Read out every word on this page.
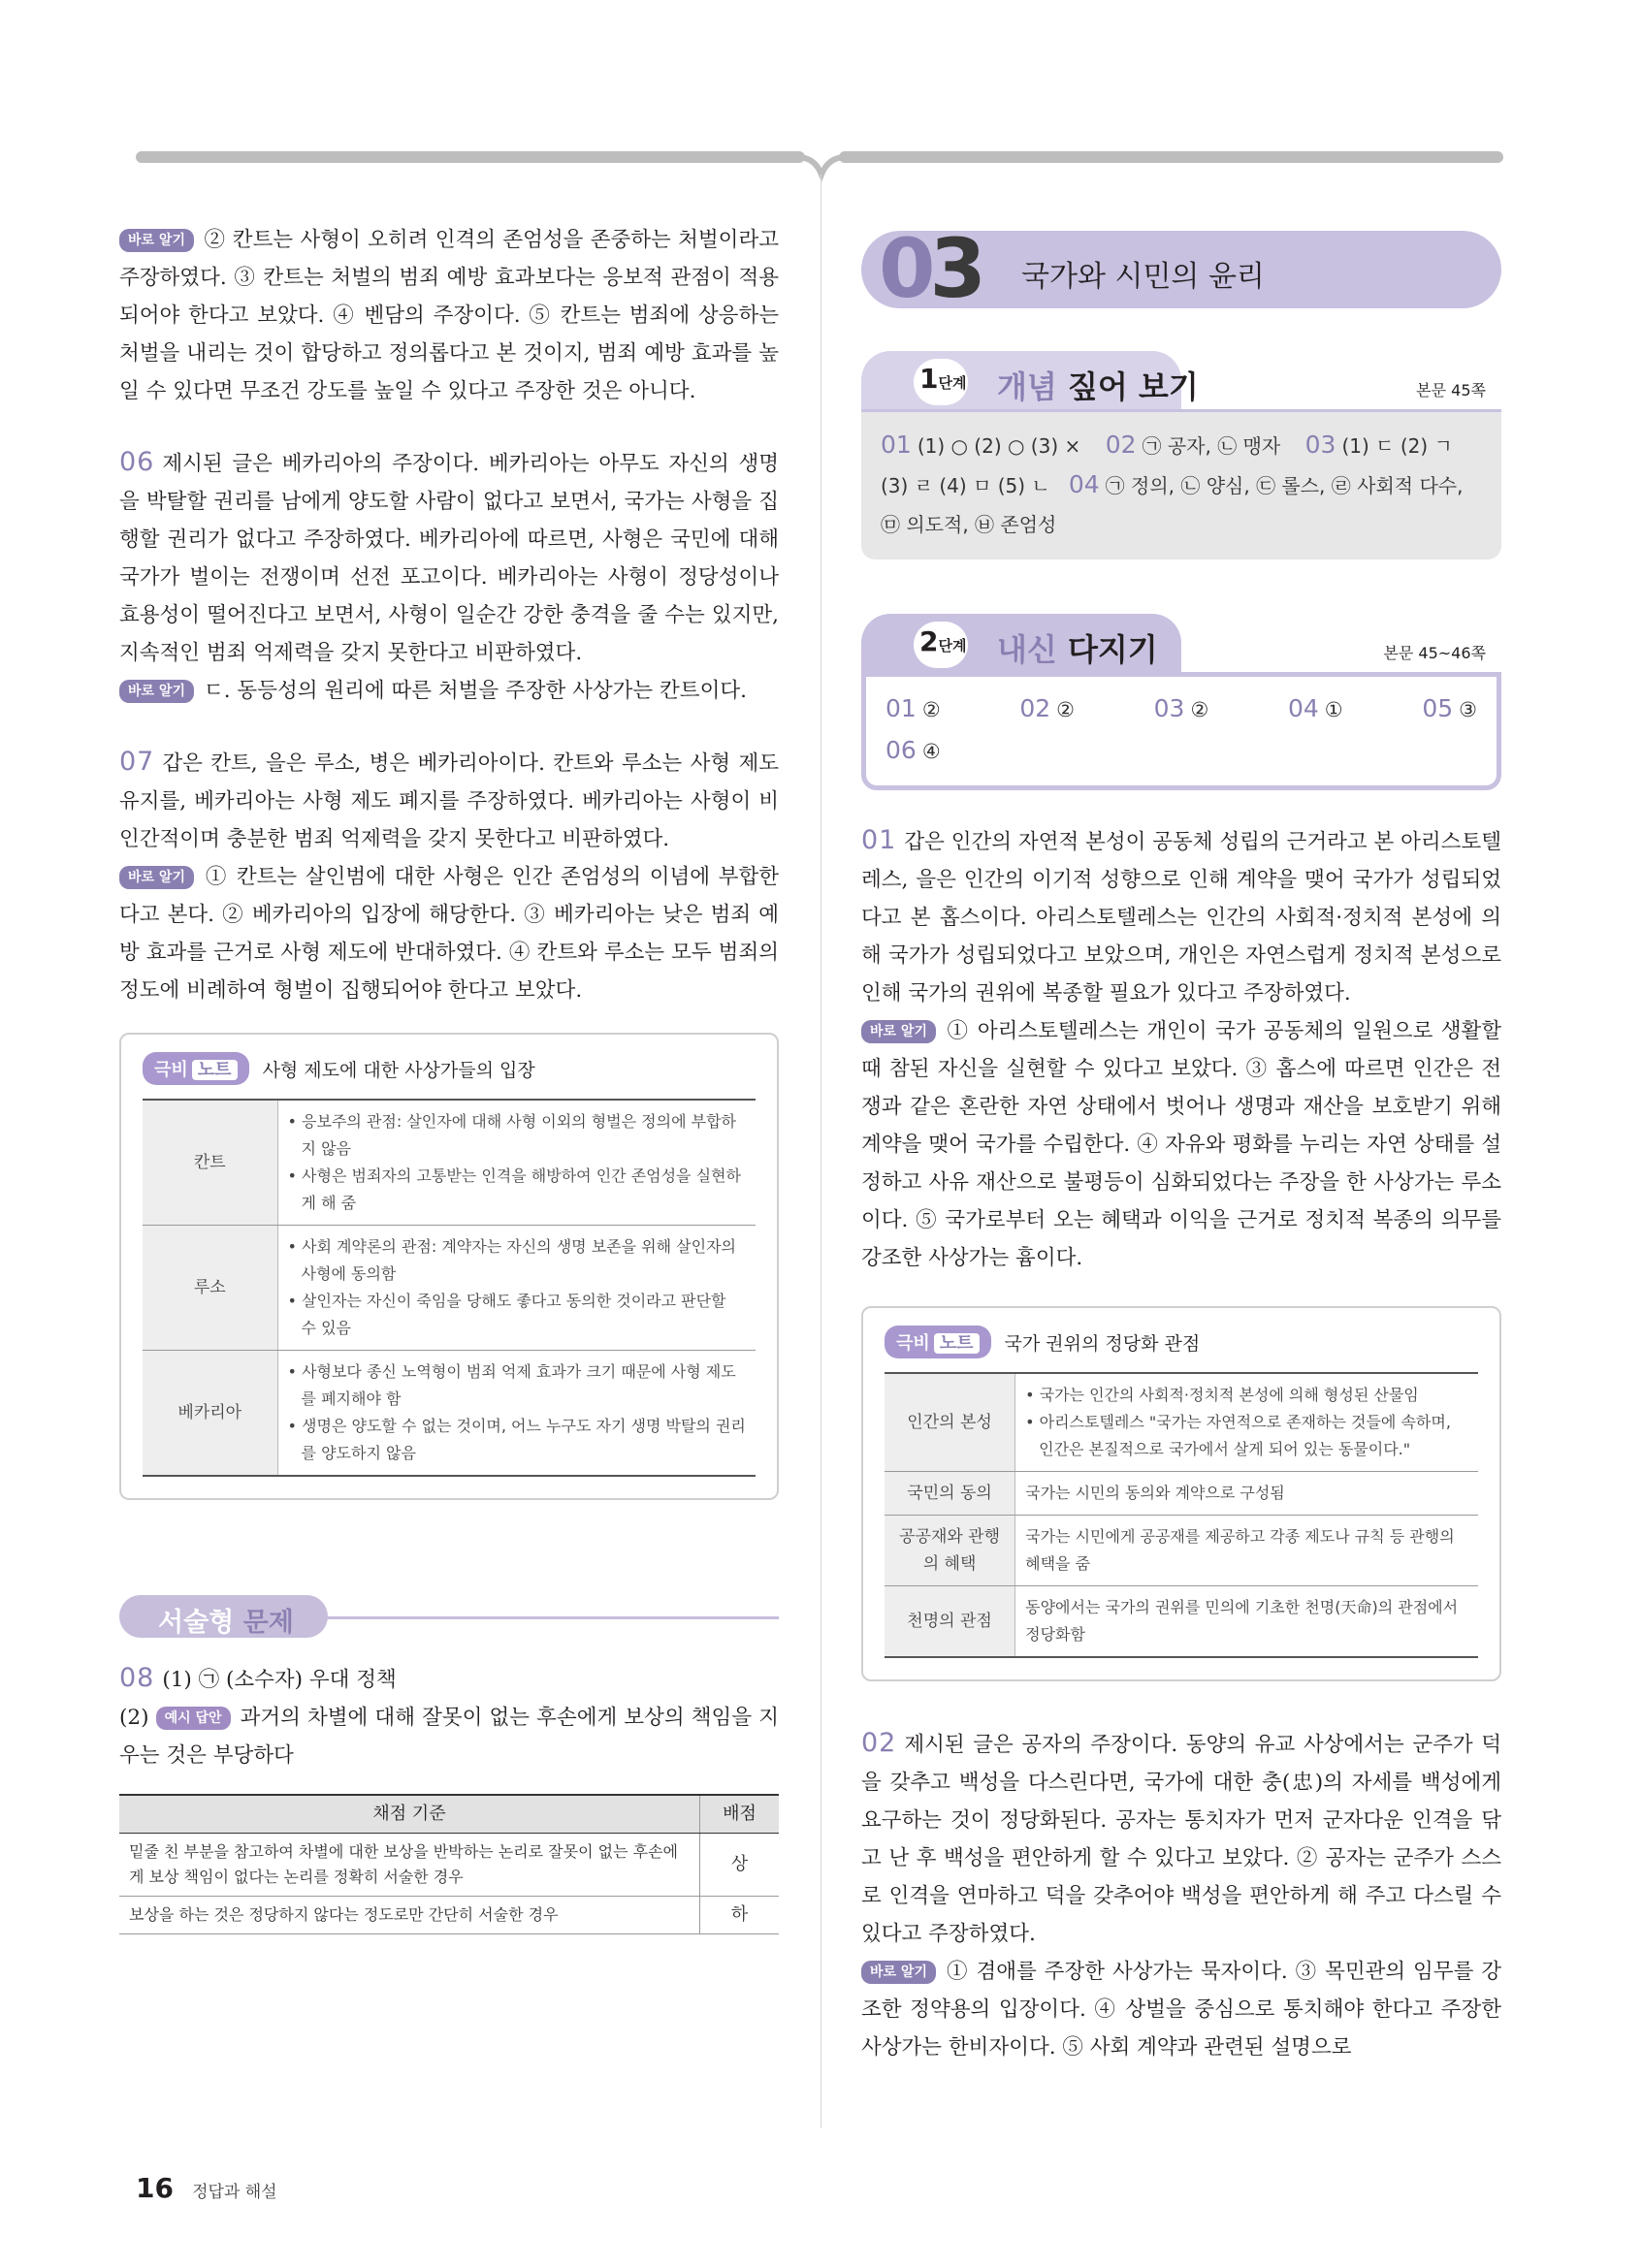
바로 알기 ② 칸트는 사형이 오히려 인격의 존엄성을 존중하는 처벌이라고 주장하였다. ③ 칸트는 처벌의 범죄 예방 효과보다는 응보적 관점이 적용되어야 한다고 보았다. ④ 벤담의 주장이다. ⑤ 칸트는 범죄에 상응하는 처벌을 내리는 것이 합당하고 정의롭다고 본 것이지, 범죄 예방 효과를 높일 수 있다면 무조건 강도를 높일 수 있다고 주장한 것은 아니다.

06 제시된 글은 베카리아의 주장이다. 베카리아는 아무도 자신의 생명을 박탈할 권리를 남에게 양도할 사람이 없다고 보면서, 국가는 사형을 집행할 권리가 없다고 주장하였다. 베카리아에 따르면, 사형은 국민에 대해 국가가 벌이는 전쟁이며 선전 포고이다. 베카리아는 사형이 정당성이나 효용성이 떨어진다고 보면서, 사형이 일순간 강한 충격을 줄 수는 있지만, 지속적인 범죄 억제력을 갖지 못한다고 비판하였다.

바로 알기 ㄷ. 동등성의 원리에 따른 처벌을 주장한 사상가는 칸트이다.

07 갑은 칸트, 을은 루소, 병은 베카리아이다. 칸트와 루소는 사형 제도 유지를, 베카리아는 사형 제도 폐지를 주장하였다. 베카리아는 사형이 비인간적이며 충분한 범죄 억제력을 갖지 못한다고 비판하였다.

바로 알기 ① 칸트는 살인범에 대한 사형은 인간 존엄성의 이념에 부합한다고 본다. ② 베카리아의 입장에 해당한다. ③ 베카리아는 낮은 범죄 예방 효과를 근거로 사형 제도에 반대하였다. ④ 칸트와 루소는 모두 범죄의 정도에 비례하여 형벌이 집행되어야 한다고 보았다.

극비 노트	사형 제도에 대한 사상가들의 입장
칸트	• 응보주의 관점: 살인자에 대해 사형 이외의 형벌은 정의에 부합하지 않음
• 사형은 범죄자의 고통받는 인격을 해방하여 인간 존엄성을 실현하게 해 줌

루소	• 사회 계약론의 관점: 계약자는 자신의 생명 보존을 위해 살인자의 사형에 동의함
• 살인자는 자신이 죽임을 당해도 좋다고 동의한 것이라고 판단할 수 있음

베카리아	• 사형보다 종신 노역형이 범죄 억제 효과가 크기 때문에 사형 제도를 폐지해야 함
• 생명은 양도할 수 없는 것이며, 어느 누구도 자기 생명 박탈의 권리를 양도하지 않음
서술형 문제

08 (1) ㉠ (소수자) 우대 정책

(2) 예시 답안 과거의 차별에 대해 잘못이 없는 후손에게 보상의 책임을 지우는 것은 부당하다

채점 기준	배점
밑줄 친 부분을 참고하여 차별에 대한 보상을 반박하는 논리로 잘못이 없는 후손에게 보상 책임이 없다는 논리를 정확히 서술한 경우	상
보상을 하는 것은 정당하지 않다는 정도로만 간단히 서술한 경우	하
03 국가와 시민의 윤리
1단계 개념 짚어 보기	본문 45쪽
01 (1) ○ (2) ○ (3) × 02 ㉠ 공자, ㉡ 맹자 03 (1) ㄷ (2) ㄱ
(3) ㄹ (4) ㅁ (5) ㄴ 04 ㉠ 정의, ㉡ 양심, ㉢ 롤스, ㉣ 사회적 다수,
㉤ 의도적, ㉥ 존엄성
2단계 내신 다지기	본문 45~46쪽
01 ②	02 ②	03 ②	04 ①	05 ③
06 ④

01 갑은 인간의 자연적 본성이 공동체 성립의 근거라고 본 아리스토텔레스, 을은 인간의 이기적 성향으로 인해 계약을 맺어 국가가 성립되었다고 본 홉스이다. 아리스토텔레스는 인간의 사회적·정치적 본성에 의해 국가가 성립되었다고 보았으며, 개인은 자연스럽게 정치적 본성으로 인해 국가의 권위에 복종할 필요가 있다고 주장하였다.

바로 알기 ① 아리스토텔레스는 개인이 국가 공동체의 일원으로 생활할 때 참된 자신을 실현할 수 있다고 보았다. ③ 홉스에 따르면 인간은 전쟁과 같은 혼란한 자연 상태에서 벗어나 생명과 재산을 보호받기 위해 계약을 맺어 국가를 수립한다. ④ 자유와 평화를 누리는 자연 상태를 설정하고 사유 재산으로 불평등이 심화되었다는 주장을 한 사상가는 루소이다. ⑤ 국가로부터 오는 혜택과 이익을 근거로 정치적 복종의 의무를 강조한 사상가는 흄이다.

극비 노트	국가 권위의 정당화 관점
인간의 본성	• 국가는 인간의 사회적·정치적 본성에 의해 형성된 산물임
• 아리스토텔레스 "국가는 자연적으로 존재하는 것들에 속하며, 인간은 본질적으로 국가에서 살게 되어 있는 동물이다."

국민의 동의	국가는 시민의 동의와 계약으로 구성됨
공공재와 관행의 혜택	국가는 시민에게 공공재를 제공하고 각종 제도나 규칙 등 관행의 혜택을 줌
천명의 관점	동양에서는 국가의 권위를 민의에 기초한 천명(天命)의 관점에서 정당화함

02 제시된 글은 공자의 주장이다. 동양의 유교 사상에서는 군주가 덕을 갖추고 백성을 다스린다면, 국가에 대한 충(忠)의 자세를 백성에게 요구하는 것이 정당화된다. 공자는 통치자가 먼저 군자다운 인격을 닦고 난 후 백성을 편안하게 할 수 있다고 보았다. ② 공자는 군주가 스스로 인격을 연마하고 덕을 갖추어야 백성을 편안하게 해 주고 다스릴 수 있다고 주장하였다.

바로 알기 ① 겸애를 주장한 사상가는 묵자이다. ③ 목민관의 임무를 강조한 정약용의 입장이다. ④ 상벌을 중심으로 통치해야 한다고 주장한 사상가는 한비자이다. ⑤ 사회 계약과 관련된 설명으로

16 정답과 해설
